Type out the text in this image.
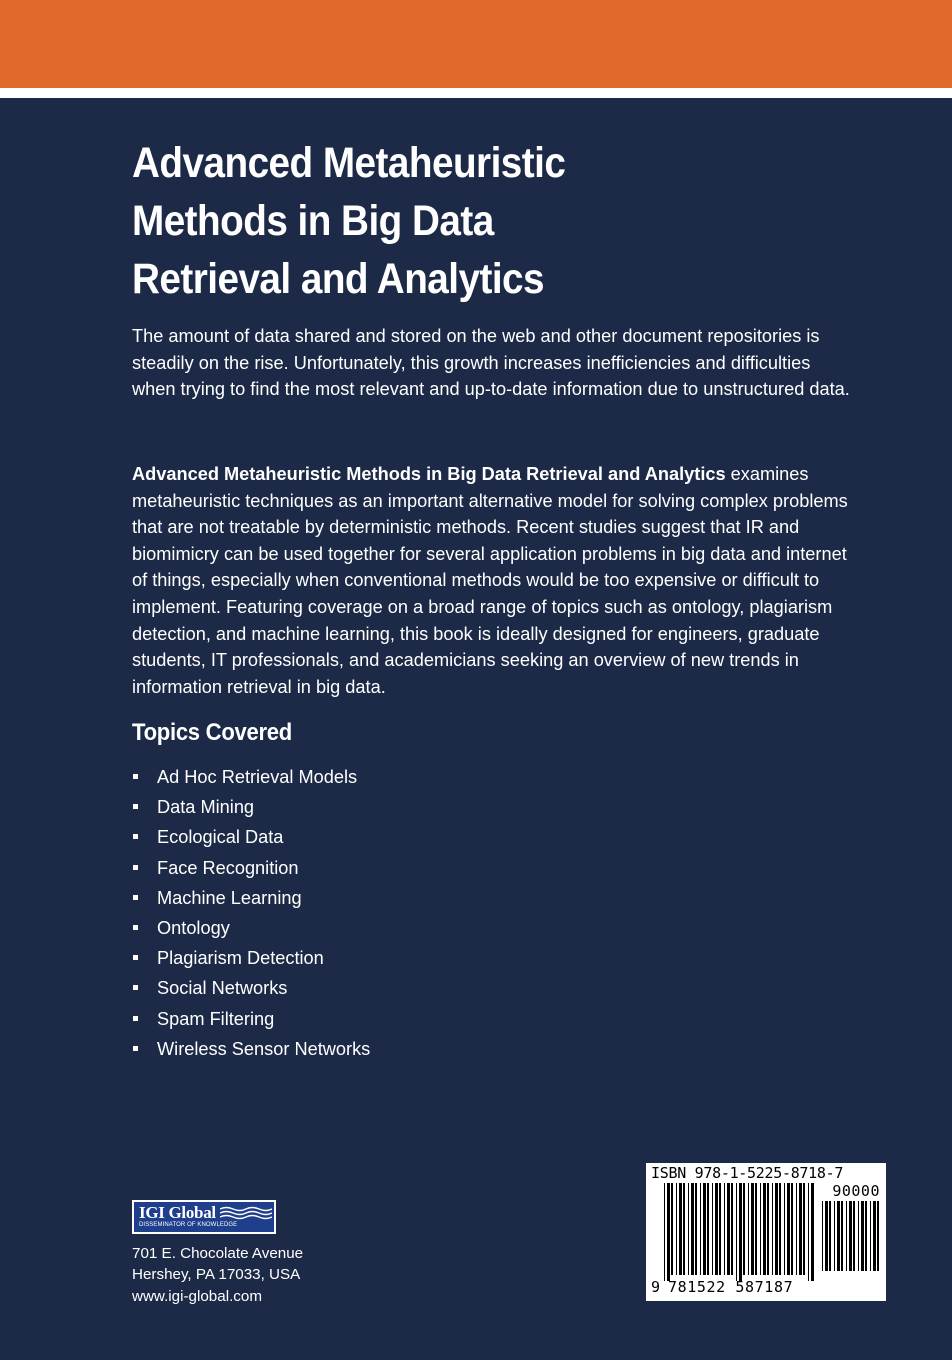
Advanced Metaheuristic
Methods in Big Data
Retrieval and Analytics

The amount of data shared and stored on the web and other document repositories is steadily on the rise. Unfortunately, this growth increases inefficiencies and difficulties when trying to find the most relevant and up-to-date information due to unstructured data.

Advanced Metaheuristic Methods in Big Data Retrieval and Analytics examines metaheuristic techniques as an important alternative model for solving complex problems that are not treatable by deterministic methods. Recent studies suggest that IR and biomimicry can be used together for several application problems in big data and internet of things, especially when conventional methods would be too expensive or difficult to implement. Featuring coverage on a broad range of topics such as ontology, plagiarism detection, and machine learning, this book is ideally designed for engineers, graduate students, IT professionals, and academicians seeking an overview of new trends in information retrieval in big data.

Topics Covered
Ad Hoc Retrieval Models
Data Mining
Ecological Data
Face Recognition
Machine Learning
Ontology
Plagiarism Detection
Social Networks
Spam Filtering
Wireless Sensor Networks
IGI Global
DISSEMINATOR OF KNOWLEDGE
701 E. Chocolate Avenue
Hershey, PA 17033, USA
www.igi-global.com
ISBN 978-1-5225-8718-7
90000
9 781522 587187
